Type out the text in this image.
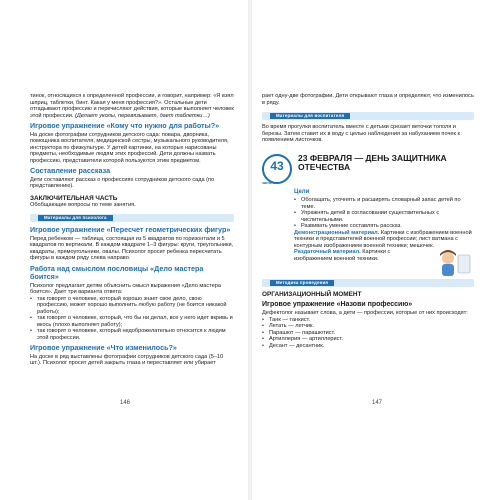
тинок, относящихся к определенной профессии, и говорит, например: «Я взял шприц, таблетки, бинт. Какая у меня профессия?». Остальные дети отгадывают профессию и перечисляют действия, которые выполняет человек этой профессии. (Делает уколы, перевязывает, дает таблетки…)

Игровое упражнение «Кому что нужно для работы?»

На доске фотографии сотрудников детского сада: повара, дворника, помощника воспитателя, медицинской сестры, музыкального руководителя, инструктора по физкультуре. У детей картинки, на которых нарисованы предметы, необходимые людям этих профессий. Дети должны назвать профессию, представители которой пользуются этим предметом.

Составление рассказа

Дети составляют рассказ о профессиях сотрудников детского сада (по представлению).

ЗАКЛЮЧИТЕЛЬНАЯ ЧАСТЬ

Обобщающие вопросы по теме занятия.

Материалы для психолога
Игровое упражнение «Пересчет геометрических фигур»

Перед ребенком — таблица, состоящая из 5 квадратов по горизонтали и 5 квадратов по вертикали. В каждом квадрате 1–3 фигуры: круги, треугольники, квадраты, прямоугольники, овалы. Психолог просит ребенка пересчитать фигуры в каждом ряду слева направо.

Работа над смыслом пословицы «Дело мастера боится»

Психолог предлагает детям объяснить смысл выражения «Дело мастера боится». Дает три варианта ответа:

• так говорят о человеке, который хорошо знает свое дело, свою профессию, может хорошо выполнить любую работу (не боится никакой работы);
• так говорят о человеке, который, что бы ни делал, все у него идет вкривь и вкось (плохо выполняет работу);
• так говорят о человеке, который недоброжелательно относится к людям этой профессии.
Игровое упражнение «Что изменилось?»

На доске в ряд выставлены фотографии сотрудников детского сада (5–10 шт.). Психолог просит детей закрыть глаза и переставляет или убирает

146

рает одну-две фотографии. Дети открывают глаза и определяют, что изменилось в ряду.

Материалы для воспитателя

Во время прогулки воспитатель вместе с детьми срезает веточки тополя и березы. Затем ставит их в воду с целью наблюдения за набуханием почек к появлением листочков.

43
занятие
23 ФЕВРАЛЯ — ДЕНЬ ЗАЩИТНИКА ОТЕЧЕСТВА
Цели
• Обогащать, уточнять и расширять словарный запас детей по теме.
• Упражнять детей в согласовании существительных с числительными.
• Развивать умение составлять рассказ.

Демонстрационный материал. Картинки с изображением военной техники и представителей военной профессии; лист ватмана с контурным изображением военной техники; мешочек.

Раздаточный материал. Картинки с изображением военной техники.

Методика проведения
ОРГАНИЗАЦИОННЫЙ МОМЕНТ
Игровое упражнение «Назови профессию»

Дефектолог называет слова, а дети — профессии, которые от них происходят:

• Танк — танкист.
• Летать — летчик.
• Парашют — парашютист.
• Артиллерия — артиллерист.
• Десант — десантник.
147
